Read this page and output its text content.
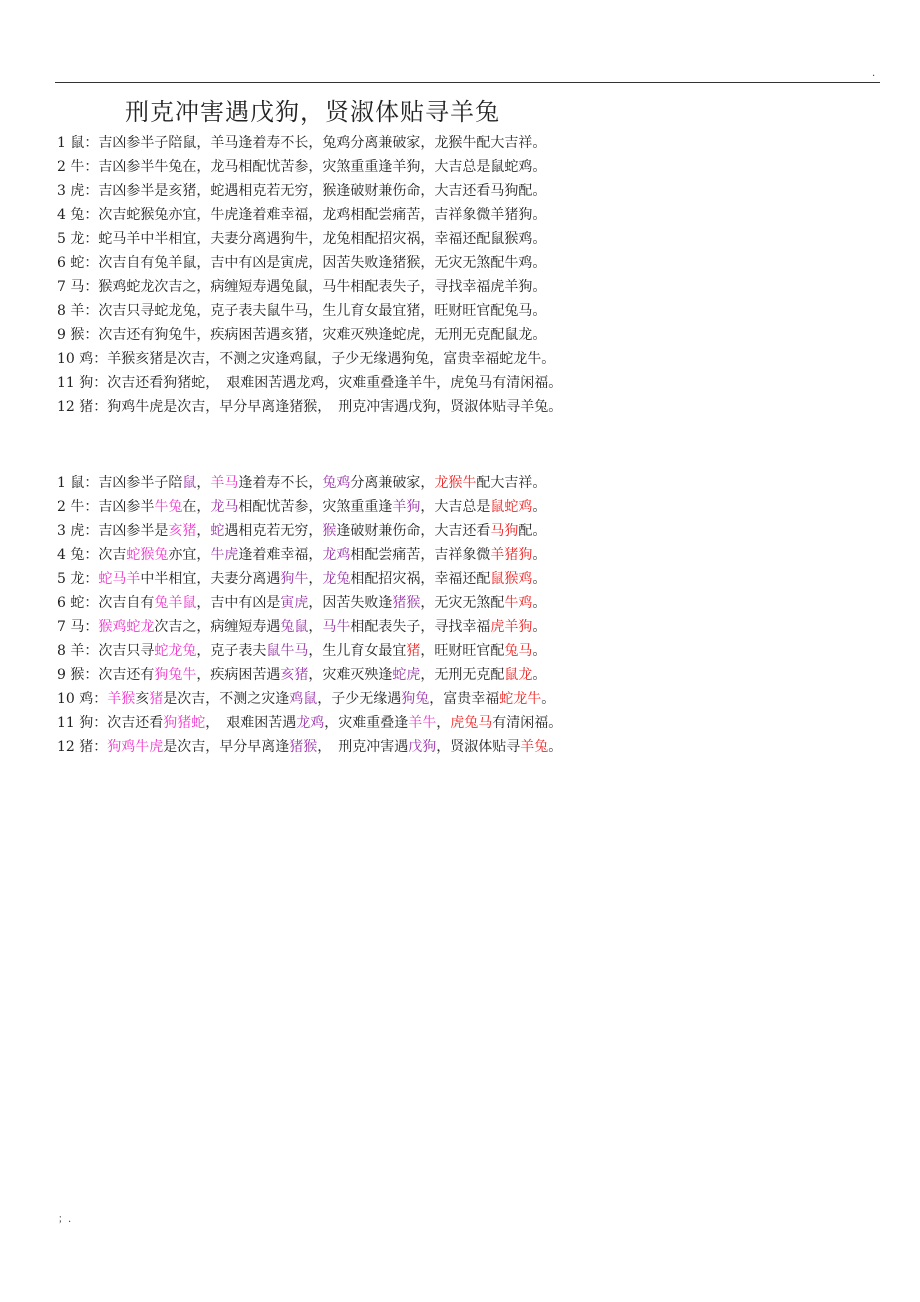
.
刑克冲害遇戊狗，贤淑体贴寻羊兔
1 鼠：吉凶参半子陪鼠，羊马逢着寿不长，兔鸡分离兼破家，龙猴牛配大吉祥。
2 牛：吉凶参半牛兔在，龙马相配忧苦参，灾煞重重逢羊狗，大吉总是鼠蛇鸡。
3 虎：吉凶参半是亥猪，蛇遇相克若无穷，猴逢破财兼伤命，大吉还看马狗配。
4 兔：次吉蛇猴兔亦宜，牛虎逢着难幸福，龙鸡相配尝痛苦，吉祥象微羊猪狗。
5 龙：蛇马羊中半相宜，夫妻分离遇狗牛，龙兔相配招灾祸，幸福还配鼠猴鸡。
6 蛇：次吉自有兔羊鼠，吉中有凶是寅虎，因苦失败逢猪猴，无灾无煞配牛鸡。
7 马：猴鸡蛇龙次吉之，病缠短寿遇兔鼠，马牛相配表失子，寻找幸福虎羊狗。
8 羊：次吉只寻蛇龙兔，克子表夫鼠牛马，生儿育女最宜猪，旺财旺官配兔马。
9 猴：次吉还有狗兔牛，疾病困苦遇亥猪，灾难灭殃逢蛇虎，无刑无克配鼠龙。
10 鸡：羊猴亥猪是次吉，不测之灾逢鸡鼠，子少无缘遇狗兔，富贵幸福蛇龙牛。
11 狗：次吉还看狗猪蛇，　艰难困苦遇龙鸡，灾难重叠逢羊牛，虎兔马有清闲福。
12 猪：狗鸡牛虎是次吉，早分早离逢猪猴，　刑克冲害遇戊狗，贤淑体贴寻羊兔。
1 鼠：吉凶参半子陪鼠，羊马逢着寿不长，兔鸡分离兼破家，龙猴牛配大吉祥。
2 牛：吉凶参半牛兔在，龙马相配忧苦参，灾煞重重逢羊狗，大吉总是鼠蛇鸡。
3 虎：吉凶参半是亥猪，蛇遇相克若无穷，猴逢破财兼伤命，大吉还看马狗配。
4 兔：次吉蛇猴兔亦宜，牛虎逢着难幸福，龙鸡相配尝痛苦，吉祥象微羊猪狗。
5 龙：蛇马羊中半相宜，夫妻分离遇狗牛，龙兔相配招灾祸，幸福还配鼠猴鸡。
6 蛇：次吉自有兔羊鼠，吉中有凶是寅虎，因苦失败逢猪猴，无灾无煞配牛鸡。
7 马：猴鸡蛇龙次吉之，病缠短寿遇兔鼠，马牛相配表失子，寻找幸福虎羊狗。
8 羊：次吉只寻蛇龙兔，克子表夫鼠牛马，生儿育女最宜猪，旺财旺官配兔马。
9 猴：次吉还有狗兔牛，疾病困苦遇亥猪，灾难灭殃逢蛇虎，无刑无克配鼠龙。
10 鸡：羊猴亥猪是次吉，不测之灾逢鸡鼠，子少无缘遇狗兔，富贵幸福蛇龙牛。
11 狗：次吉还看狗猪蛇，　艰难困苦遇龙鸡，灾难重叠逢羊牛，虎兔马有清闲福。
12 猪：狗鸡牛虎是次吉，早分早离逢猪猴，　刑克冲害遇戊狗，贤淑体贴寻羊兔。
；.
